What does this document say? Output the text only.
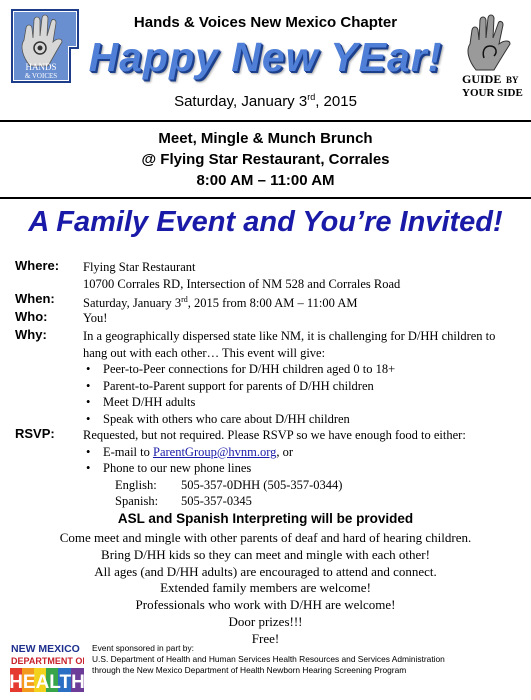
HANDS
& VOICES	GUIDE BY
YOUR SIDE
Hands & Voices New Mexico Chapter
Happy New YEar!
Saturday, January 3rd, 2015
Meet, Mingle & Munch Brunch
@ Flying Star Restaurant, Corrales
8:00 AM – 11:00 AM
A Family Event and You’re Invited!
Where: Flying Star Restaurant
10700 Corrales RD, Intersection of NM 528 and Corrales Road
When: Saturday, January 3rd, 2015 from 8:00 AM – 11:00 AM
Who:	You!
Why:	In a geographically dispersed state like NM, it is challenging for D/HH children to
hang out with each other… This event will give:
• Peer-to-Peer connections for D/HH children aged 0 to 18+
• Parent-to-Parent support for parents of D/HH children
• Meet D/HH adults
• Speak with others who care about D/HH children
RSVP: Requested, but not required. Please RSVP so we have enough food to either:
• E-mail to ParentGroup@hvnm.org, or
• Phone to our new phone lines
English: 505-357-0DHH (505-357-0344)
Spanish: 505-357-0345
ASL and Spanish Interpreting will be provided
Come meet and mingle with other parents of deaf and hard of hearing children.
Bring D/HH kids so they can meet and mingle with each other!
All ages (and D/HH adults) are encouraged to attend and connect.
Extended family members are welcome!
Professionals who work with D/HH are welcome!
Door prizes!!!
Free!
NEW MEXICO
DEPARTMENT OF
HEALTH
Event sponsored in part by:
U.S. Department of Health and Human Services Health Resources and Services Administration
through the New Mexico Department of Health Newborn Hearing Screening Program
